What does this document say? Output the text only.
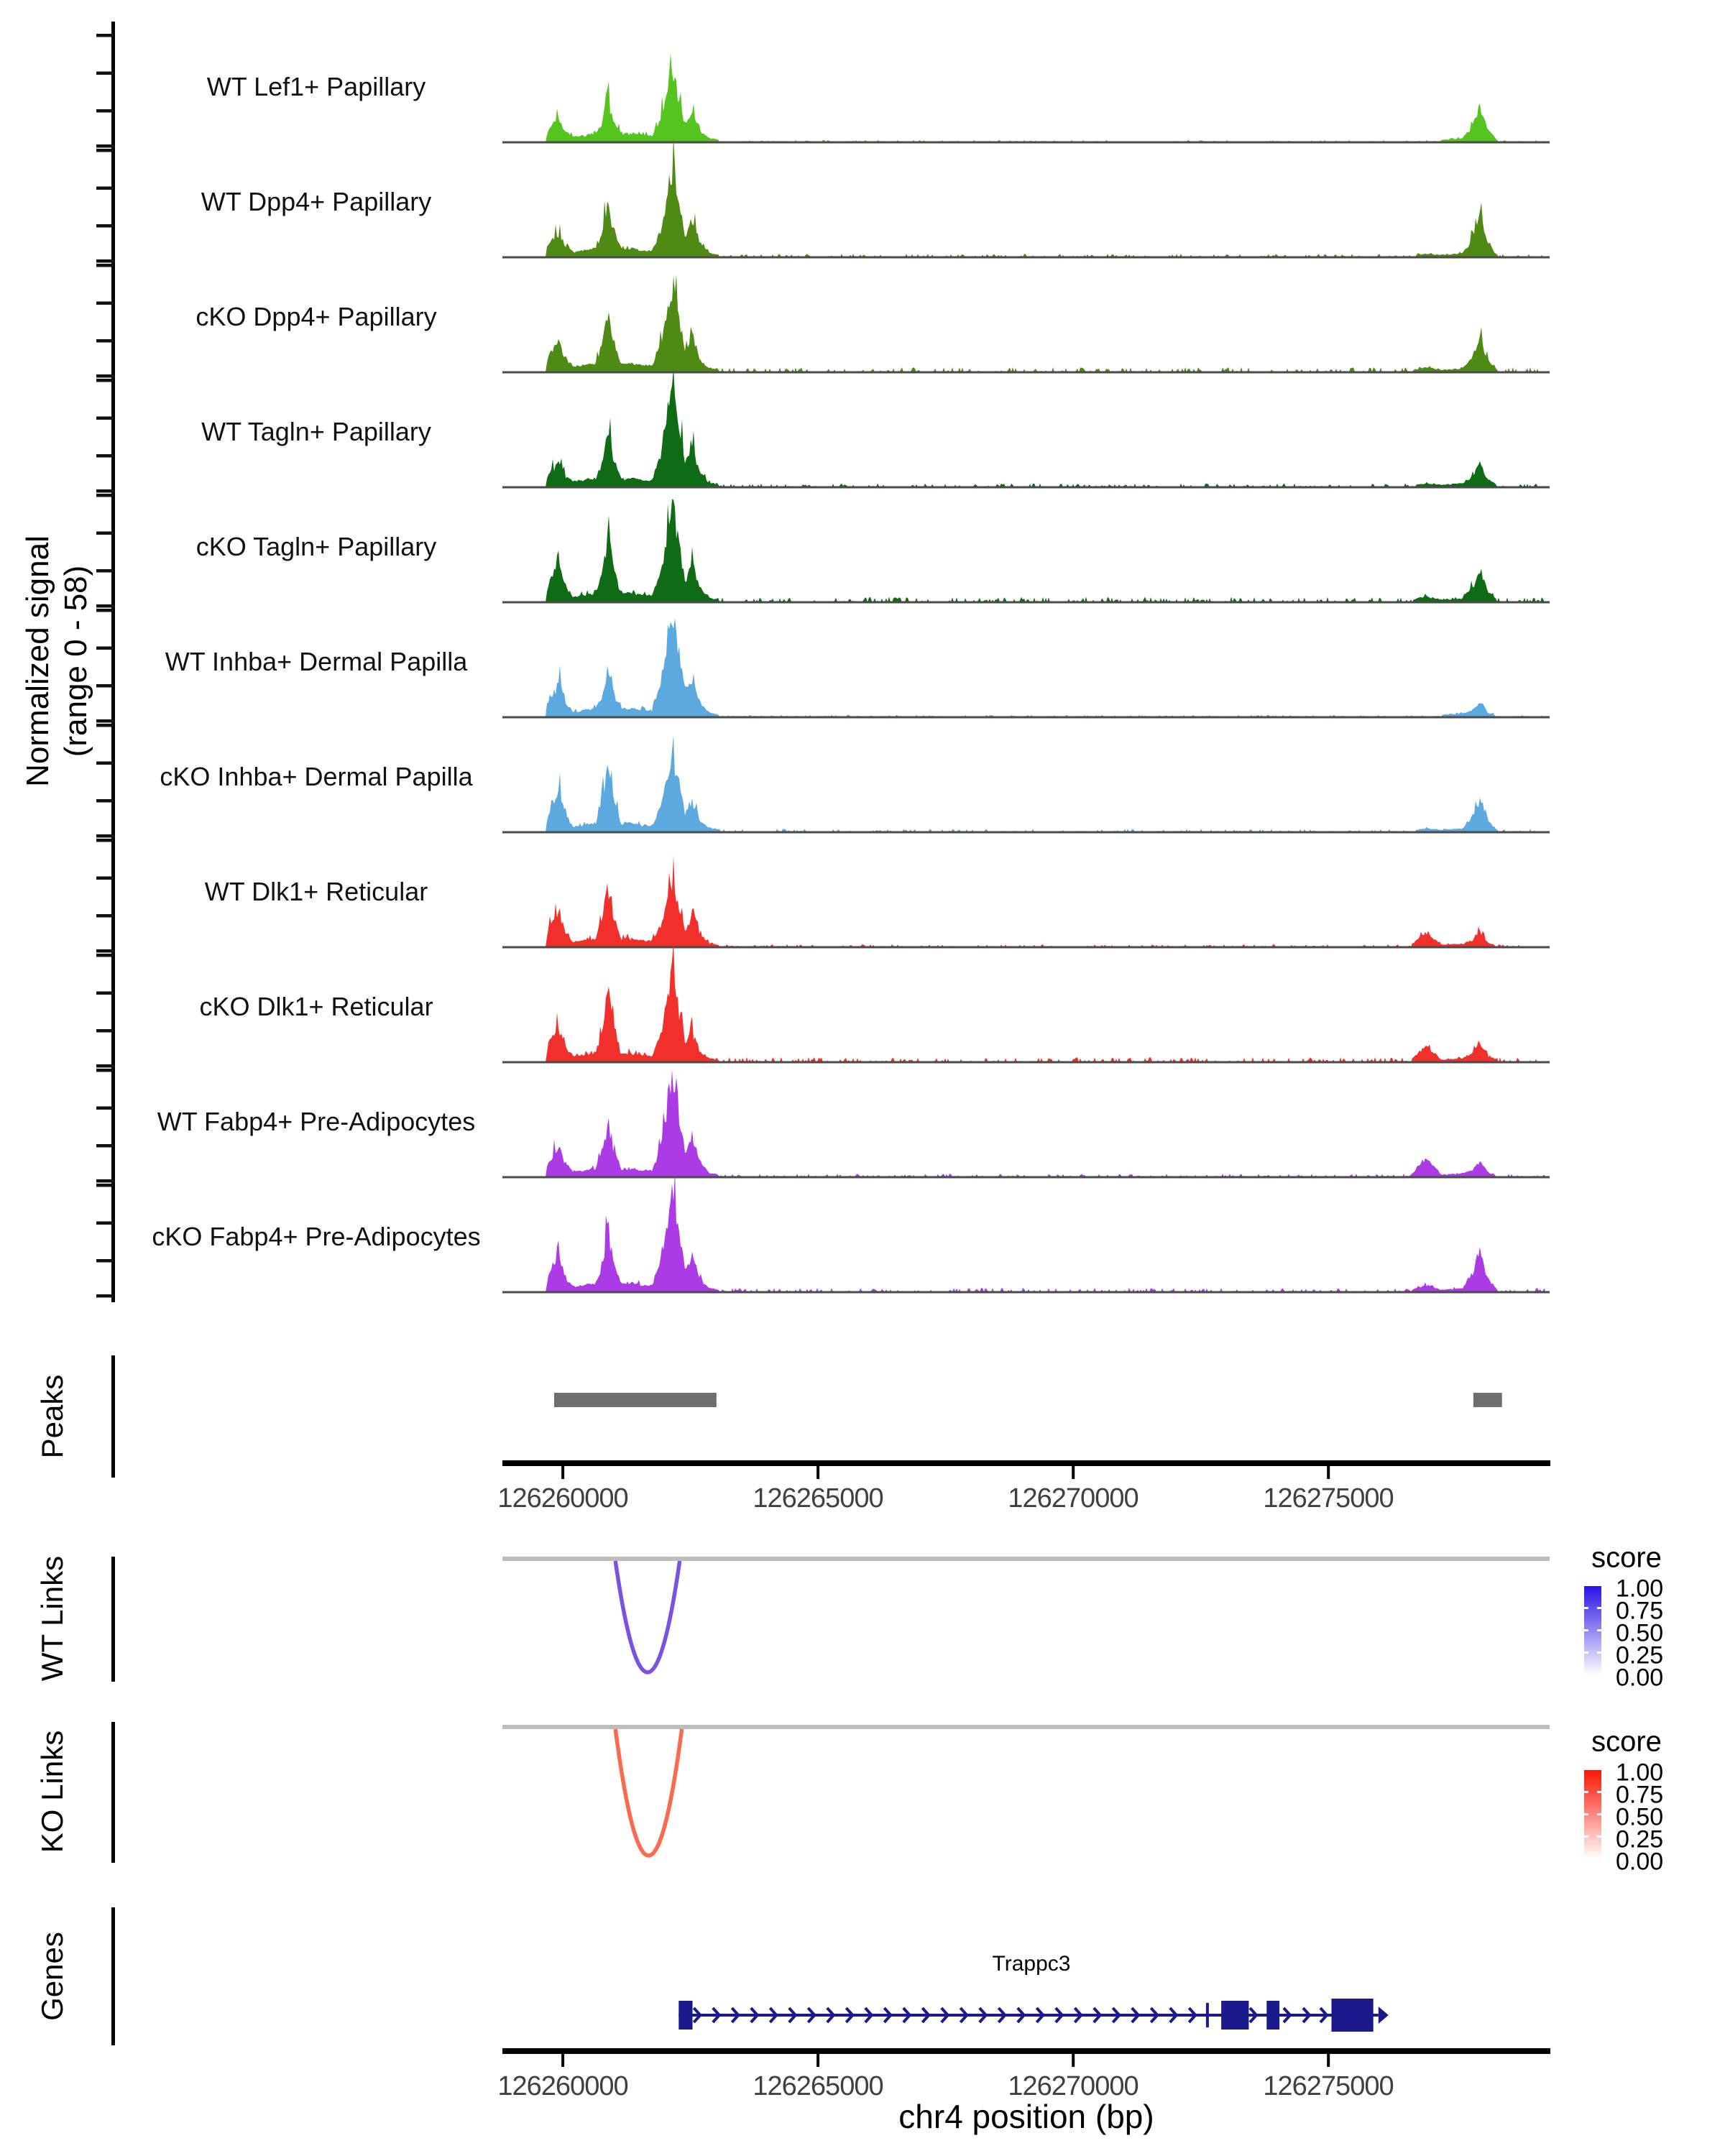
Normalized signal (range 0 - 58)
Peaks
WT Links
KO Links
Genes
WT Lef1+ Papillary
WT Dpp4+ Papillary
cKO Dpp4+ Papillary
WT Tagln+ Papillary
cKO Tagln+ Papillary
WT Inhba+ Dermal Papilla
cKO Inhba+ Dermal Papilla
WT Dlk1+ Reticular
cKO Dlk1+ Reticular
WT Fabp4+ Pre-Adipocytes
cKO Fabp4+ Pre-Adipocytes
126260000	126265000	126270000	126275000
126260000	126265000	126270000	126275000
1.00
0.75
0.50
0.25
0.00
1.00
0.75
0.50
0.25
0.00
score
score
Trappc3
chr4 position (bp)
